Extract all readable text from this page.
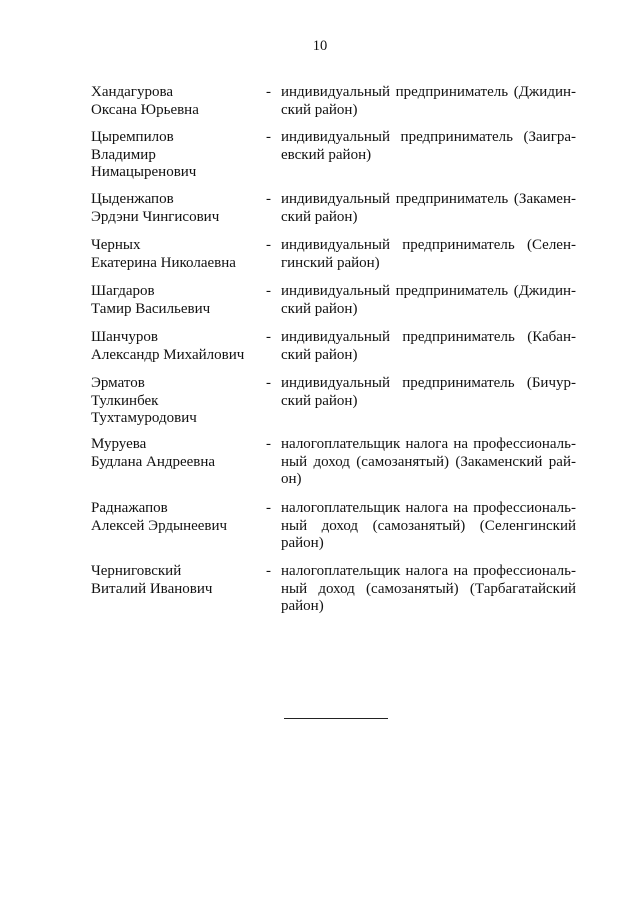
10
Хандагурова
Оксана Юрьевна
- индивидуальный предприниматель (Джидин-
ский район)
Цыремпилов
Владимир
Нимацыренович
- индивидуальный предприниматель (Заигра-
евский район)
Цыденжапов
Эрдэни Чингисович
- индивидуальный предприниматель (Закамен-
ский район)
Черных
Екатерина Николаевна
- индивидуальный предприниматель (Селен-
гинский район)
Шагдаров
Тамир Васильевич
- индивидуальный предприниматель (Джидин-
ский район)
Шанчуров
Александр Михайлович
- индивидуальный предприниматель (Кабан-
ский район)
Эрматов
Тулкинбек
Тухтамуродович
- индивидуальный предприниматель (Бичур-
ский район)
Муруева
Будлана Андреевна
- налогоплательщик налога на профессиональ-
ный доход (самозанятый) (Закаменский рай-
он)
Раднажапов
Алексей Эрдынеевич
- налогоплательщик налога на профессиональ-
ный доход (самозанятый) (Селенгинский
район)
Черниговский
Виталий Иванович
- налогоплательщик налога на профессиональ-
ный доход (самозанятый) (Тарбагатайский
район)
